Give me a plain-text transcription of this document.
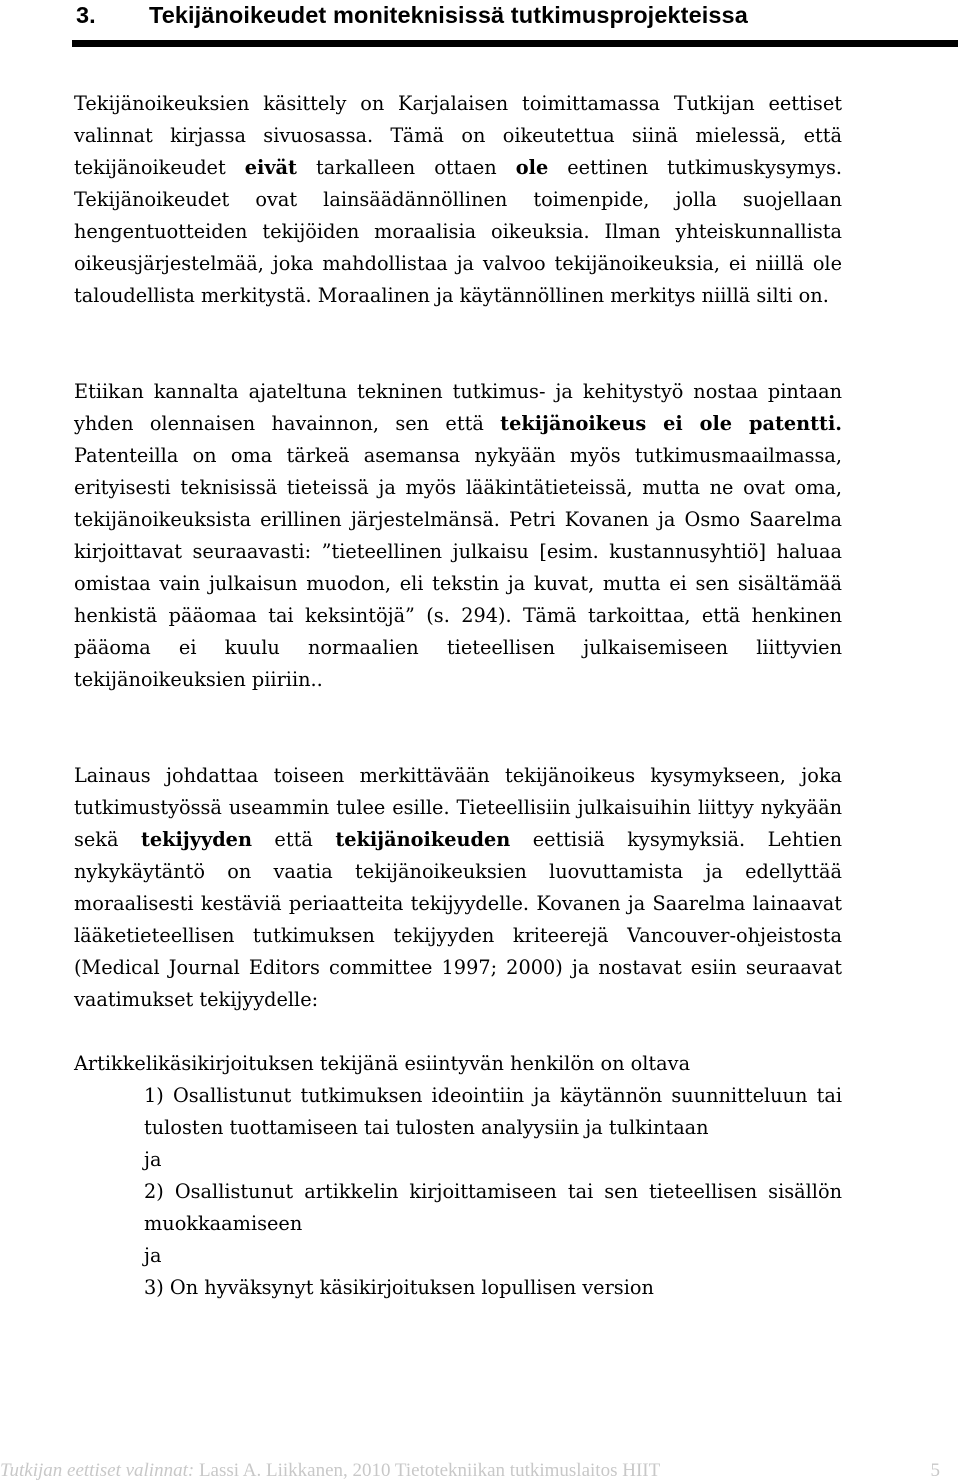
3. Tekijänoikeudet moniteknisissä tutkimusprojekteissa

Tekijänoikeuksien käsittely on Karjalaisen toimittamassa Tutkijan eettiset valinnat kirjassa sivuosassa. Tämä on oikeutettua siinä mielessä, että tekijänoikeudet eivät tarkalleen ottaen ole eettinen tutkimuskysymys. Tekijänoikeudet ovat lainsäädännöllinen toimenpide, jolla suojellaan hengentuotteiden tekijöiden moraalisia oikeuksia. Ilman yhteiskunnallista oikeusjärjestelmää, joka mahdollistaa ja valvoo tekijänoikeuksia, ei niillä ole taloudellista merkitystä. Moraalinen ja käytännöllinen merkitys niillä silti on.

Etiikan kannalta ajateltuna tekninen tutkimus- ja kehitystyö nostaa pintaan yhden olennaisen havainnon, sen että tekijänoikeus ei ole patentti. Patenteilla on oma tärkeä asemansa nykyään myös tutkimusmaailmassa, erityisesti teknisissä tieteissä ja myös lääkintätieteissä, mutta ne ovat oma, tekijänoikeuksista erillinen järjestelmänsä. Petri Kovanen ja Osmo Saarelma kirjoittavat seuraavasti: ”tieteellinen julkaisu [esim. kustannusyhtiö] haluaa omistaa vain julkaisun muodon, eli tekstin ja kuvat, mutta ei sen sisältämää henkistä pääomaa tai keksintöjä” (s. 294). Tämä tarkoittaa, että henkinen pääoma ei kuulu normaalien tieteellisen julkaisemiseen liittyvien tekijänoikeuksien piiriin..

Lainaus johdattaa toiseen merkittävään tekijänoikeus kysymykseen, joka tutkimustyössä useammin tulee esille. Tieteellisiin julkaisuihin liittyy nykyään sekä tekijyyden että tekijänoikeuden eettisiä kysymyksiä. Lehtien nykykäytäntö on vaatia tekijänoikeuksien luovuttamista ja edellyttää moraalisesti kestäviä periaatteita tekijyydelle. Kovanen ja Saarelma lainaavat lääketieteellisen tutkimuksen tekijyyden kriteerejä Vancouver-ohjeistosta (Medical Journal Editors committee 1997; 2000) ja nostavat esiin seuraavat vaatimukset tekijyydelle:

Artikkelikäsikirjoituksen tekijänä esiintyvän henkilön on oltava

1) Osallistunut tutkimuksen ideointiin ja käytännön suunnitteluun tai tulosten tuottamiseen tai tulosten analyysiin ja tulkintaan
ja
2) Osallistunut artikkelin kirjoittamiseen tai sen tieteellisen sisällön muokkaamiseen
ja
3) On hyväksynyt käsikirjoituksen lopullisen version
Tutkijan eettiset valinnat: Lassi A. Liikkanen, 2010 Tietotekniikan tutkimuslaitos HIIT	5
